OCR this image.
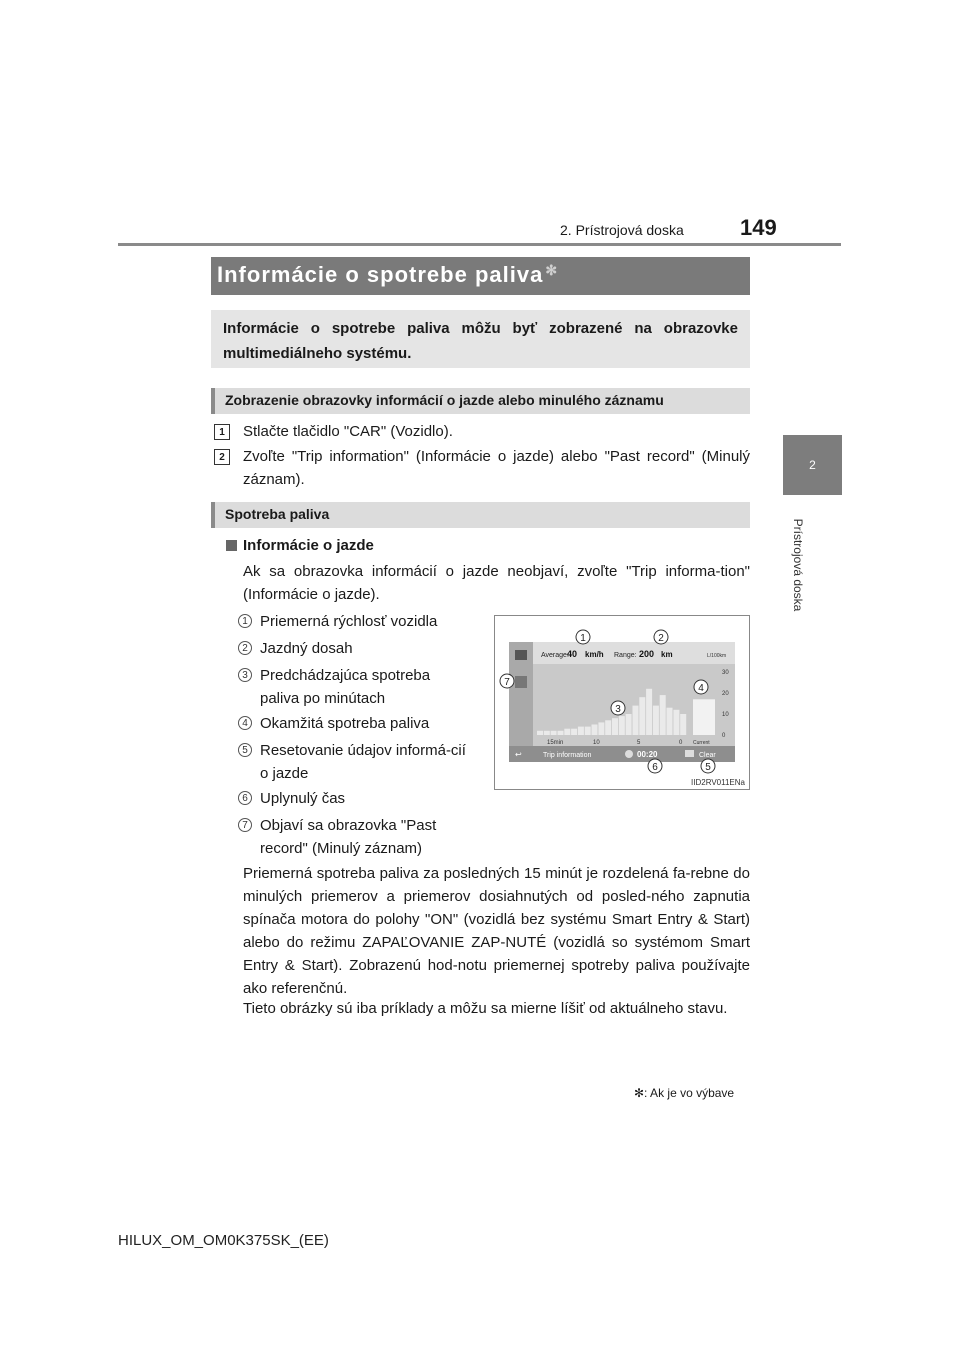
2. Prístrojová doska	149
2
Prístrojová doska
Informácie o spotrebe paliva ✻

Informácie o spotrebe paliva môžu byť zobrazené na obrazovke multimediálneho systému.

Zobrazenie obrazovky informácií o jazde alebo minulého záznamu
1	Stlačte tlačidlo "CAR" (Vozidlo).
2	Zvoľte "Trip information" (Informácie o jazde) alebo "Past record" (Minulý záznam).
Spotreba paliva
Informácie o jazde
Ak sa obrazovka informácií o jazde neobjaví, zvoľte "Trip informa-tion" (Informácie o jazde).
1 Priemerná rýchlosť vozidla
2 Jazdný dosah
3 Predchádzajúca spotreba paliva po minútach
4 Okamžitá spotreba paliva
5 Resetovanie údajov informá-cií o jazde
6 Uplynulý čas
7 Objaví sa obrazovka "Past record" (Minulý záznam)
Average:
40 km/h Range: 200 km	L/100km
30
20
10
0
15min	10	5	0 Current
↩	Trip information	00:20	Clear
1	2
3
4
5
6
7
IID2RV011ENa
Priemerná spotreba paliva za posledných 15 minút je rozdelená fa-rebne do minulých priemerov a priemerov dosiahnutých od posled-ného zapnutia spínača motora do polohy "ON" (vozidlá bez systému Smart Entry & Start) alebo do režimu ZAPAĽOVANIE ZAP-NUTÉ (vozidlá so systémom Smart Entry & Start). Zobrazenú hod-notu priemernej spotreby paliva používajte ako referenčnú.
Tieto obrázky sú iba príklady a môžu sa mierne líšiť od aktuálneho stavu.
✻: Ak je vo výbave
HILUX_OM_OM0K375SK_(EE)
